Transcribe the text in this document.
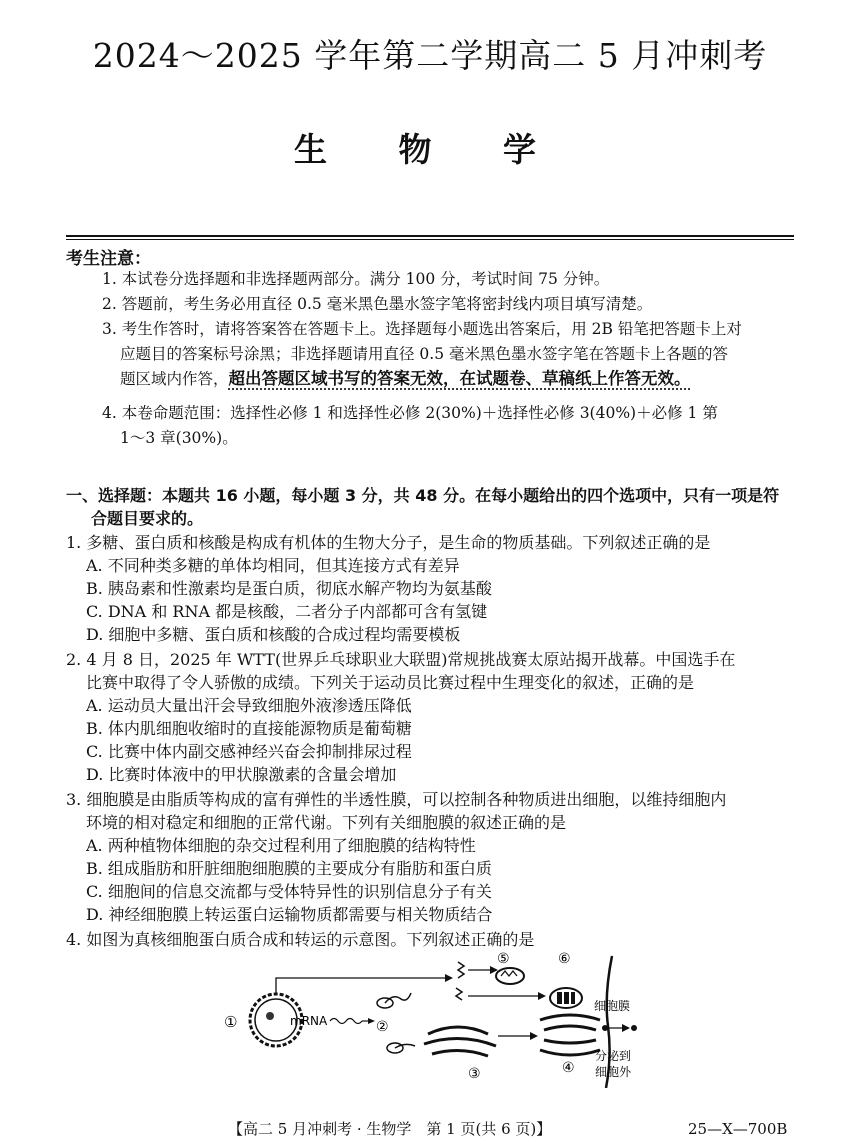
2024～2025 学年第二学期高二 5 月冲刺考
生 物 学
考生注意：
1. 本试卷分选择题和非选择题两部分。满分 100 分，考试时间 75 分钟。
2. 答题前，考生务必用直径 0.5 毫米黑色墨水签字笔将密封线内项目填写清楚。
3. 考生作答时，请将答案答在答题卡上。选择题每小题选出答案后，用 2B 铅笔把答题卡上对
应题目的答案标号涂黑；非选择题请用直径 0.5 毫米黑色墨水签字笔在答题卡上各题的答
题区域内作答，超出答题区域书写的答案无效，在试题卷、草稿纸上作答无效。
4. 本卷命题范围：选择性必修 1 和选择性必修 2(30%)＋选择性必修 3(40%)＋必修 1 第
1～3 章(30%)。
一、选择题：本题共 16 小题，每小题 3 分，共 48 分。在每小题给出的四个选项中，只有一项是符
合题目要求的。
1. 多糖、蛋白质和核酸是构成有机体的生物大分子，是生命的物质基础。下列叙述正确的是
A. 不同种类多糖的单体均相同，但其连接方式有差异
B. 胰岛素和性激素均是蛋白质，彻底水解产物均为氨基酸
C. DNA 和 RNA 都是核酸，二者分子内部都可含有氢键
D. 细胞中多糖、蛋白质和核酸的合成过程均需要模板
2. 4 月 8 日，2025 年 WTT(世界乒乓球职业大联盟)常规挑战赛太原站揭开战幕。中国选手在
比赛中取得了令人骄傲的成绩。下列关于运动员比赛过程中生理变化的叙述，正确的是
A. 运动员大量出汗会导致细胞外液渗透压降低
B. 体内肌细胞收缩时的直接能源物质是葡萄糖
C. 比赛中体内副交感神经兴奋会抑制排尿过程
D. 比赛时体液中的甲状腺激素的含量会增加
3. 细胞膜是由脂质等构成的富有弹性的半透性膜，可以控制各种物质进出细胞，以维持细胞内
环境的相对稳定和细胞的正常代谢。下列有关细胞膜的叙述正确的是
A. 两种植物体细胞的杂交过程利用了细胞膜的结构特性
B. 组成脂肪和肝脏细胞细胞膜的主要成分有脂肪和蛋白质
C. 细胞间的信息交流都与受体特异性的识别信息分子有关
D. 神经细胞膜上转运蛋白运输物质都需要与相关物质结合
4. 如图为真核细胞蛋白质合成和转运的示意图。下列叙述正确的是
①	mRNA	②
⑤	⑥
③	④
细胞膜
分泌到
细胞外
【高二 5 月冲刺考 · 生物学　第 1 页(共 6 页)】	25—X—700B
